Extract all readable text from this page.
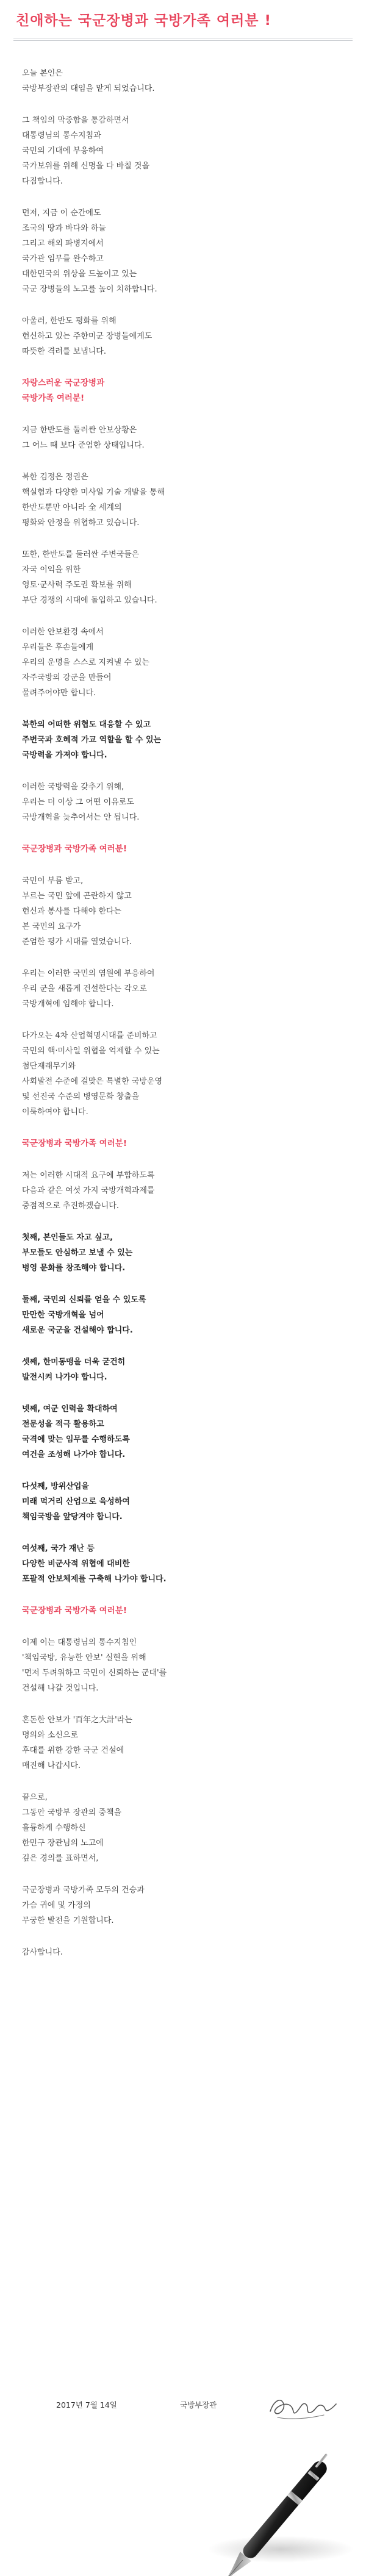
친애하는 국군장병과 국방가족 여러분 !
오늘 본인은
국방부장관의 대임을 맡게 되었습니다.
그 책임의 막중함을 통감하면서
대통령님의 통수지침과
국민의 기대에 부응하여
국가보위를 위해 신명을 다 바칠 것을
다짐합니다.
먼저, 지금 이 순간에도
조국의 땅과 바다와 하늘
그리고 해외 파병지에서
국가관 임무를 완수하고
대한민국의 위상을 드높이고 있는
국군 장병들의 노고를 높이 치하합니다.
아울러, 한반도 평화를 위해
헌신하고 있는 주한미군 장병들에게도
따뜻한 격려를 보냅니다.
자랑스러운 국군장병과
국방가족 여러분!
지금 한반도를 둘러싼 안보상황은
그 어느 때 보다 준엄한 상태입니다.
북한 김정은 정권은
핵실험과 다양한 미사일 기술 개발을 통해
한반도뿐만 아니라 全 세계의
평화와 안정을 위협하고 있습니다.
또한, 한반도를 둘러싼 주변국들은
자국 이익을 위한
영토·군사력 주도권 확보를 위해
부단 경쟁의 시대에 돌입하고 있습니다.
이러한 안보환경 속에서
우리들은 후손들에게
우리의 운명을 스스로 지켜낼 수 있는
자주국방의 강군을 만들어
물려주어야만 합니다.
북한의 어떠한 위협도 대응할 수 있고
주변국과 호혜적 가교 역할을 할 수 있는
국방력을 가져야 합니다.
이러한 국방력을 갖추기 위해,
우리는 더 이상 그 어떤 이유로도
국방개혁을 늦추어서는 안 됩니다.
국군장병과 국방가족 여러분!
국민이 부름 받고,
부르는 국민 앞에 곤란하지 않고
헌신과 봉사를 다해야 한다는
본 국민의 요구가
준엄한 평가 시대를 열었습니다.
우리는 이러한 국민의 염원에 부응하여
우리 군을 새롭게 건설한다는 각오로
국방개혁에 임해야 합니다.
다가오는 4차 산업혁명시대를 준비하고
국민의 핵·미사일 위협을 억제할 수 있는
첨단재래무기와
사회발전 수준에 걸맞은 특별한 국방운영
및 선진국 수준의 병영문화 창출을
이룩하여야 합니다.
국군장병과 국방가족 여러분!
저는 이러한 시대적 요구에 부합하도록
다음과 같은 여섯 가지 국방개혁과제를
중점적으로 추진하겠습니다.
첫째, 본인들도 자고 싶고,
부모들도 안심하고 보낼 수 있는
병영 문화를 창조해야 합니다.
둘째, 국민의 신뢰를 얻을 수 있도록
만만한 국방개혁을 넘어
새로운 국군을 건설해야 합니다.
셋째, 한미동맹을 더욱 굳건히
발전시켜 나가야 합니다.
넷째, 여군 인력을 확대하여
전문성을 적극 활용하고
국격에 맞는 임무를 수행하도록
여건을 조성해 나가야 합니다.
다섯째, 방위산업을
미래 먹거리 산업으로 육성하여
책임국방을 앞당겨야 합니다.
여섯째, 국가 재난 등
다양한 비군사적 위협에 대비한
포괄적 안보체제를 구축해 나가야 합니다.
국군장병과 국방가족 여러분!
이제 이는 대통령님의 통수지침인
'책임국방, 유능한 안보' 실현을 위해
'먼저 두려워하고 국민이 신뢰하는 군대'를
건설해 나갈 것입니다.
혼돈한 안보가 '百年之大計'라는
명의와 소신으로
후대를 위한 강한 국군 건설에
매진해 나갑시다.
끝으로,
그동안 국방부 장관의 중책을
훌륭하게 수행하신
한민구 장관님의 노고에
깊은 경의를 표하면서,
국군장병과 국방가족 모두의 건승과
가슴 귀에 및 가정의
무궁한 발전을 기원합니다.
감사합니다.
2017년 7월 14일	국방부장관
